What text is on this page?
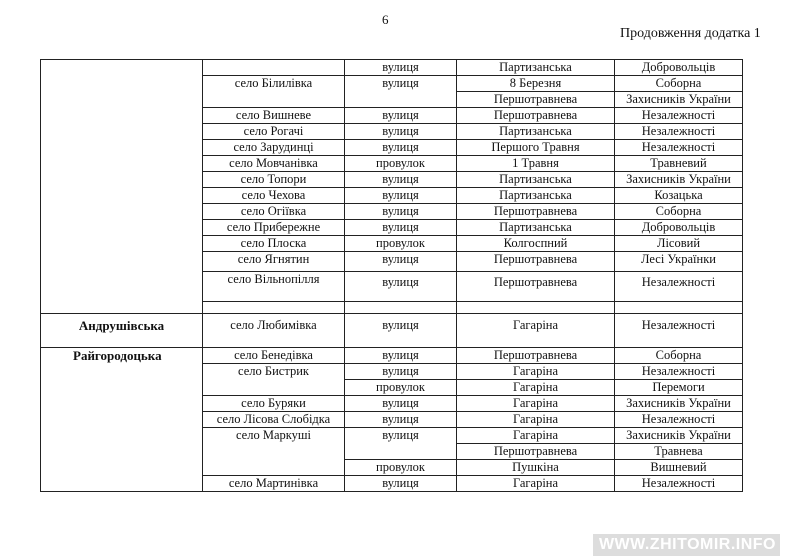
6
Продовження додатка 1
		вулиця	Партизанська	Добровольців
	село Білилівка	вулиця	8 Березня	Соборна
			Першотравнева	Захисників України
	село Вишневе	вулиця	Першотравнева	Незалежності
	село Рогачі	вулиця	Партизанська	Незалежності
	село Зарудинці	вулиця	Першого Травня	Незалежності
	село Мовчанівка	провулок	1 Травня	Травневий
	село Топори	вулиця	Партизанська	Захисників України
	село Чехова	вулиця	Партизанська	Козацька
	село Огіївка	вулиця	Першотравнева	Соборна
	село Прибережне	вулиця	Партизанська	Добровольців
	село Плоска	провулок	Колгоспний	Лісовий
	село Ягнятин	вулиця	Першотравнева	Лесі Українки
	село Вільнопілля	вулиця	Першотравнева	Незалежності

Андрушівська	село Любимівка	вулиця	Гагаріна	Незалежності
Райгородоцька	село Бенедівка	вулиця	Першотравнева	Соборна
	село Бистрик	вулиця	Гагаріна	Незалежності
		провулок	Гагаріна	Перемоги
	село Буряки	вулиця	Гагаріна	Захисників України
	село Лісова Слобідка	вулиця	Гагаріна	Незалежності
	село Маркуші	вулиця	Гагаріна	Захисників України
			Першотравнева	Травнева
		провулок	Пушкіна	Вишневий
	село Мартинівка	вулиця	Гагаріна	Незалежності
WWW.ZHITOMIR.INFO
